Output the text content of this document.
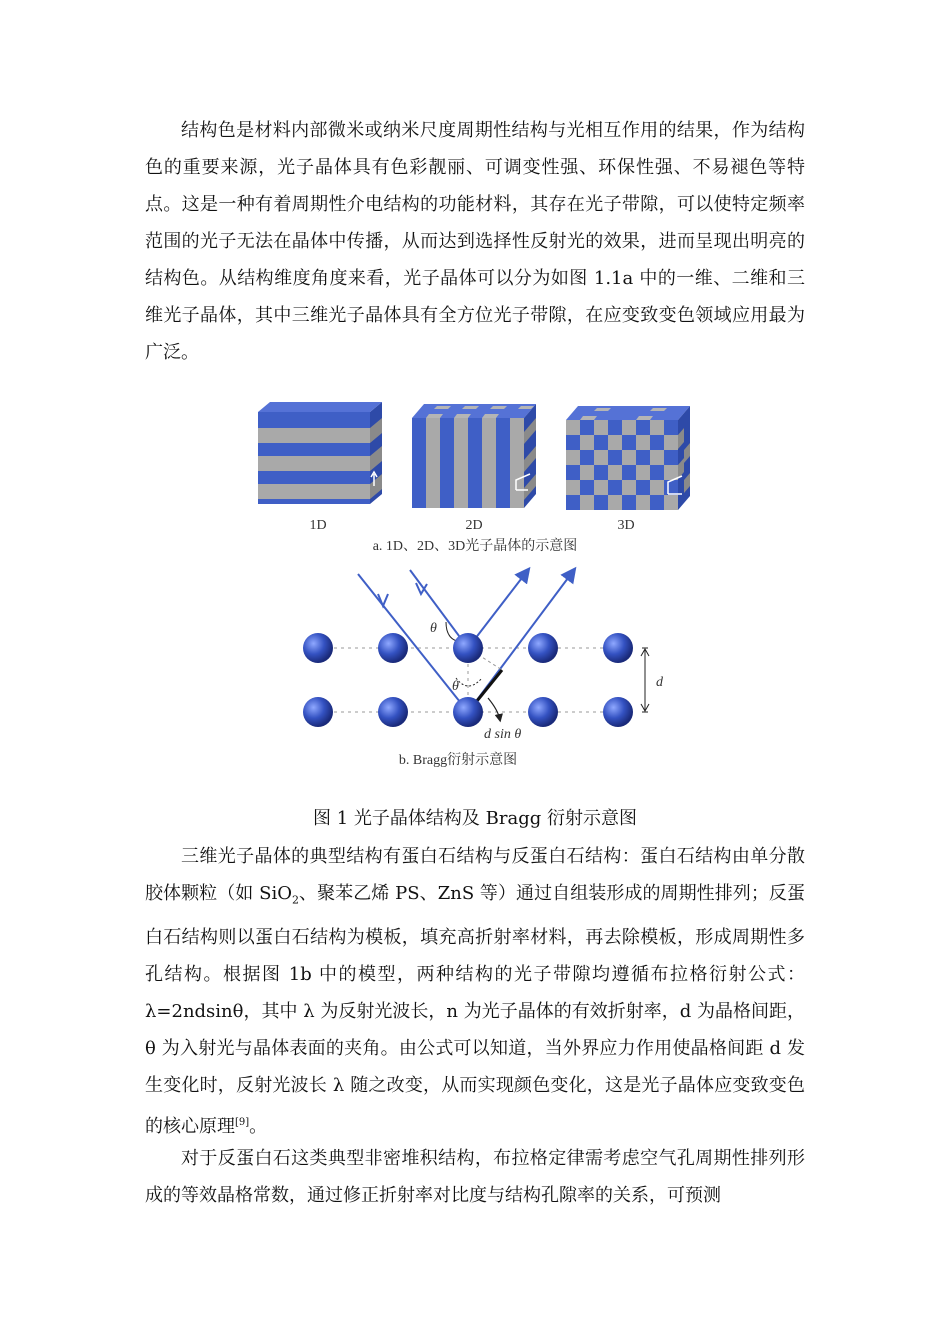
结构色是材料内部微米或纳米尺度周期性结构与光相互作用的结果，作为结构色的重要来源，光子晶体具有色彩靓丽、可调变性强、环保性强、不易褪色等特点。这是一种有着周期性介电结构的功能材料，其存在光子带隙，可以使特定频率范围的光子无法在晶体中传播，从而达到选择性反射光的效果，进而呈现出明亮的结构色。从结构维度角度来看，光子晶体可以分为如图 1.1a 中的一维、二维和三维光子晶体，其中三维光子晶体具有全方位光子带隙，在应变致变色领域应用最为广泛。

1D	2D	3D
a. 1D、2D、3D光子晶体的示意图
θ
θ	d
d sin θ
b. Bragg衍射示意图
图 1 光子晶体结构及 Bragg 衍射示意图

三维光子晶体的典型结构有蛋白石结构与反蛋白石结构：蛋白石结构由单分散胶体颗粒（如 SiO$_2$、聚苯乙烯 PS、ZnS 等）通过自组装形成的周期性排列；反蛋白石结构则以蛋白石结构为模板，填充高折射率材料，再去除模板，形成周期性多孔结构。根据图 1b 中的模型，两种结构的光子带隙均遵循布拉格衍射公式：λ=2ndsinθ，其中 λ 为反射光波长，n 为光子晶体的有效折射率，d 为晶格间距，θ 为入射光与晶体表面的夹角。由公式可以知道，当外界应力作用使晶格间距 d 发生变化时，反射光波长 λ 随之改变，从而实现颜色变化，这是光子晶体应变致变色的核心原理[9]。

对于反蛋白石这类典型非密堆积结构，布拉格定律需考虑空气孔周期性排列形成的等效晶格常数，通过修正折射率对比度与结构孔隙率的关系，可预测
